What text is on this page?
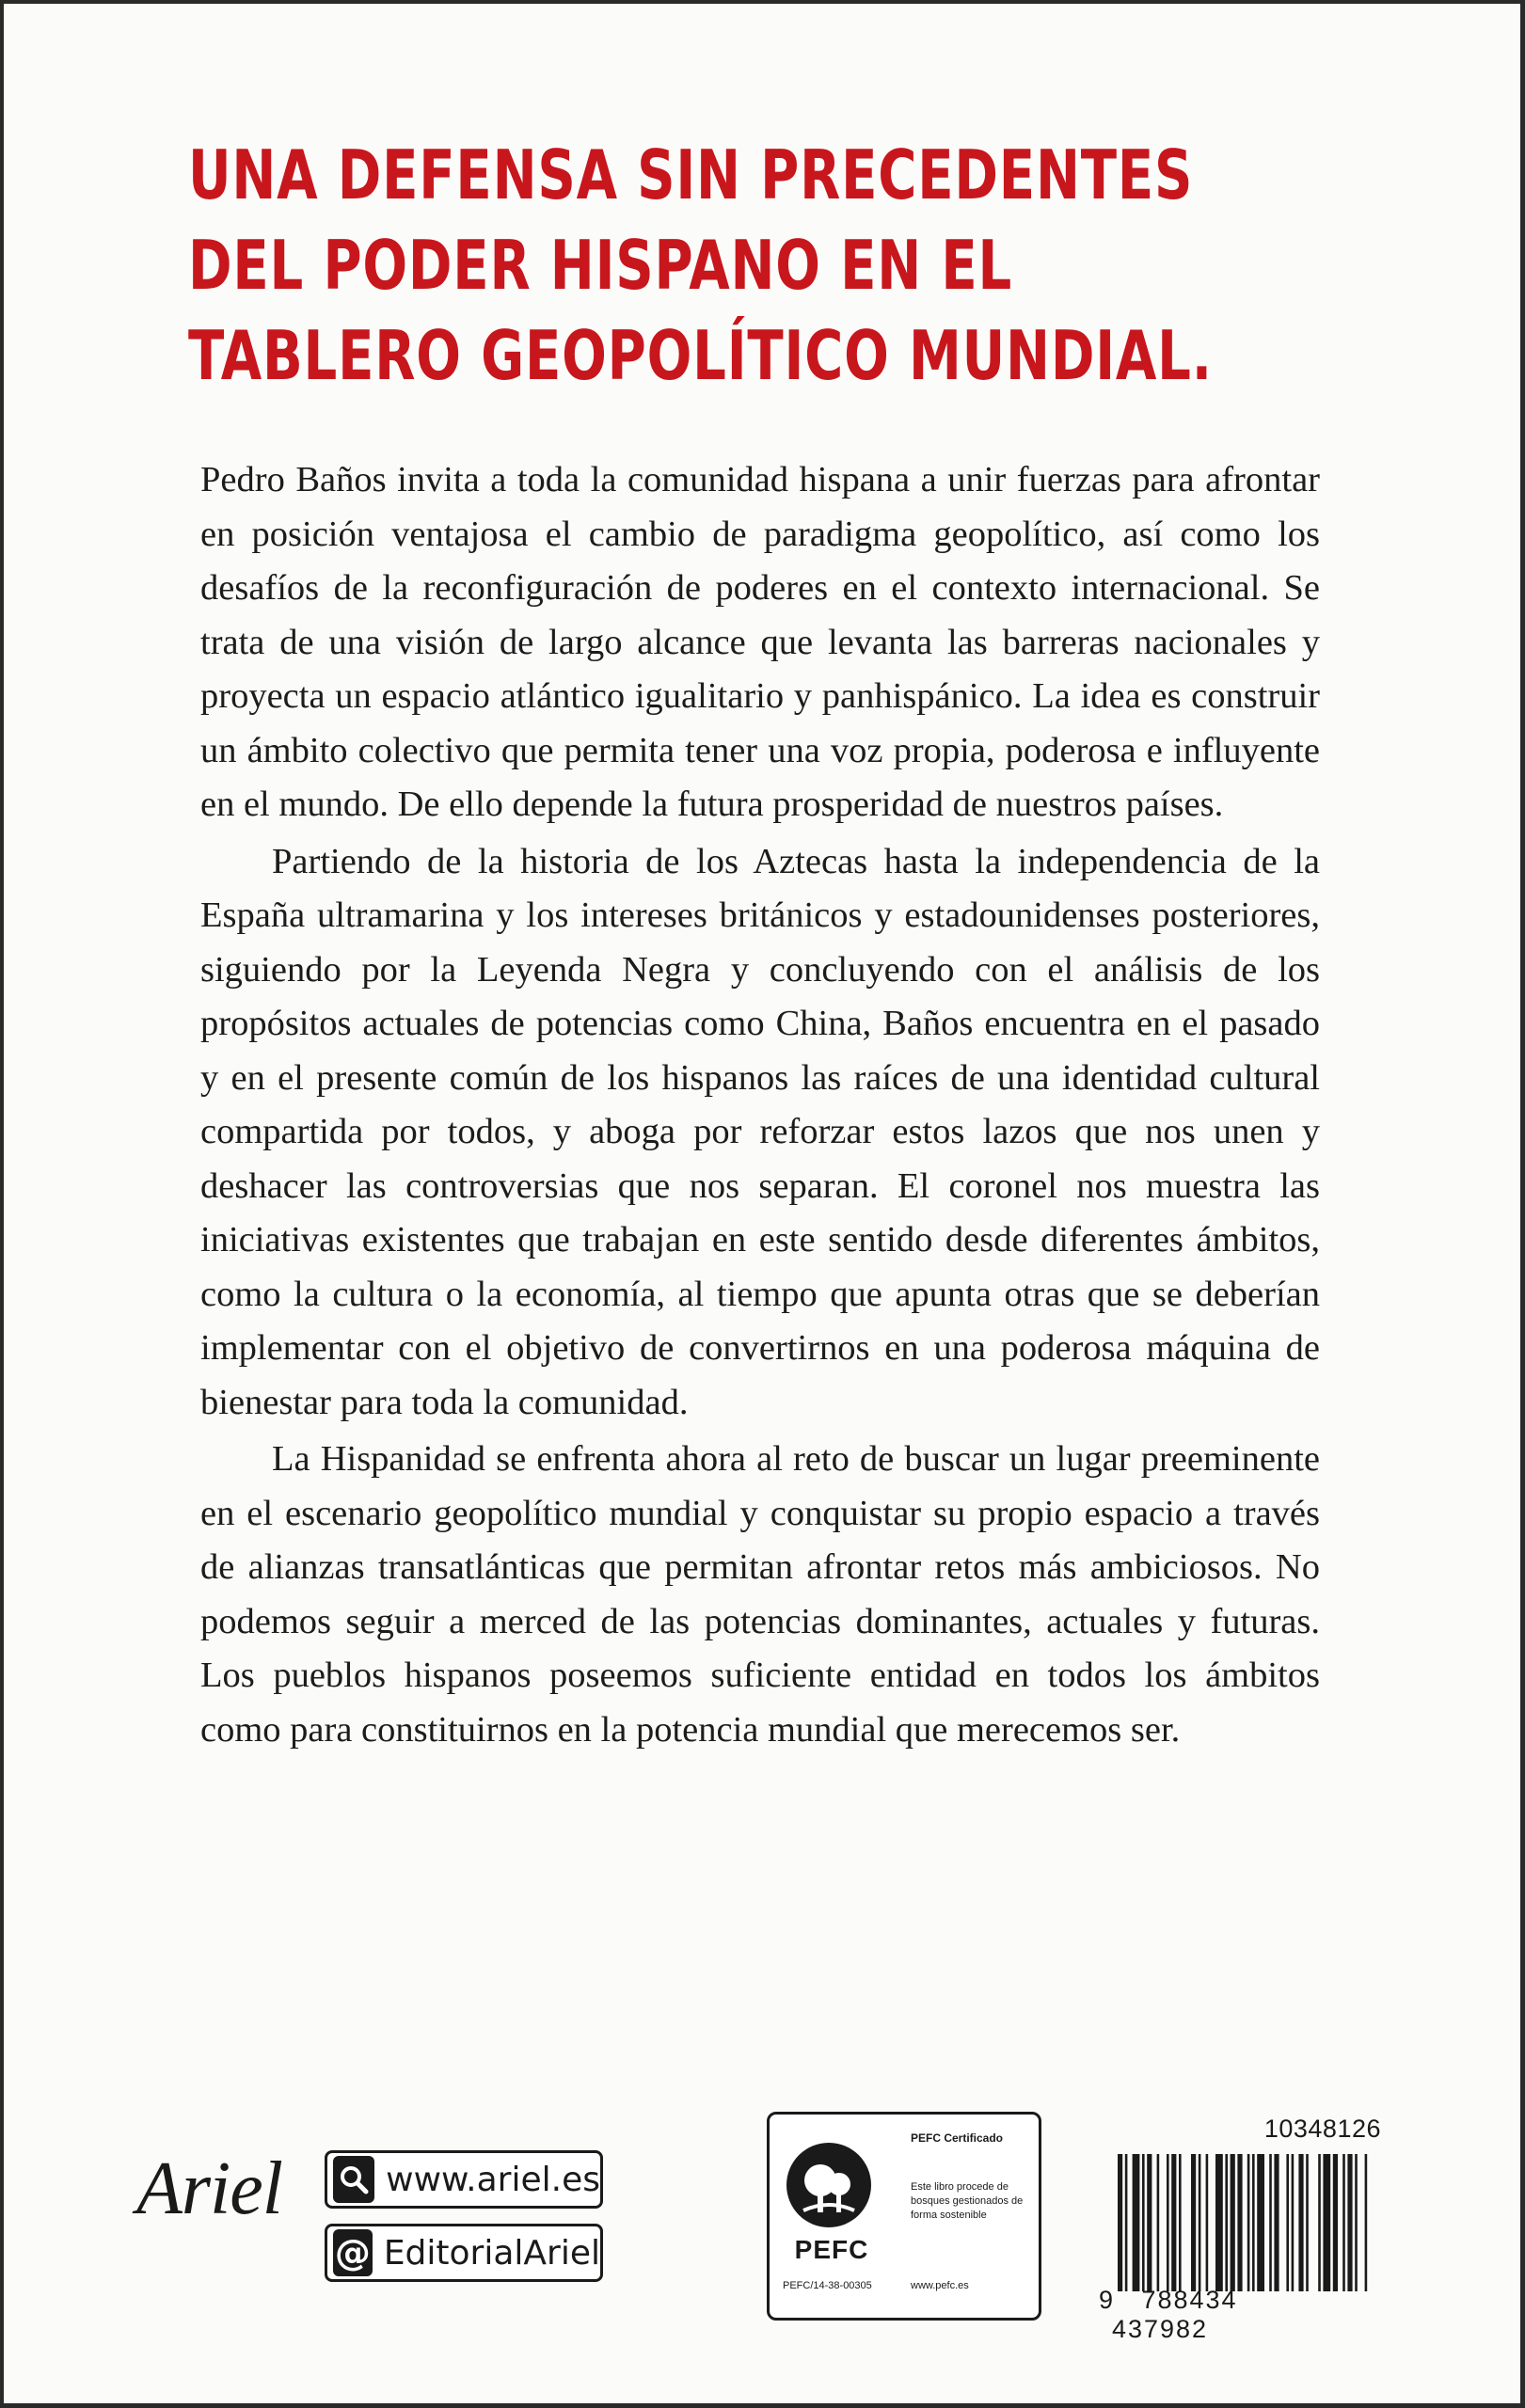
UNA DEFENSA SIN PRECEDENTES
DEL PODER HISPANO EN EL
TABLERO GEOPOLÍTICO MUNDIAL.

Pedro Baños invita a toda la comunidad hispana a unir fuerzas para afrontar en posición ventajosa el cambio de paradigma geopolítico, así como los desafíos de la reconfiguración de poderes en el contexto internacional. Se trata de una visión de largo alcance que levanta las barreras nacionales y proyecta un espacio atlántico igualitario y panhispánico. La idea es construir un ámbito colectivo que permita tener una voz propia, poderosa e influyente en el mundo. De ello depende la futura prosperidad de nuestros países.

Partiendo de la historia de los Aztecas hasta la independencia de la España ultramarina y los intereses británicos y estadounidenses posteriores, siguiendo por la Leyenda Negra y concluyendo con el análisis de los propósitos actuales de potencias como China, Baños encuentra en el pasado y en el presente común de los hispanos las raíces de una identidad cultural compartida por todos, y aboga por reforzar estos lazos que nos unen y deshacer las controversias que nos separan. El coronel nos muestra las iniciativas existentes que trabajan en este sentido desde diferentes ámbitos, como la cultura o la economía, al tiempo que apunta otras que se deberían implementar con el objetivo de convertirnos en una poderosa máquina de bienestar para toda la comunidad.

La Hispanidad se enfrenta ahora al reto de buscar un lugar preeminente en el escenario geopolítico mundial y conquistar su propio espacio a través de alianzas transatlánticas que permitan afrontar retos más ambiciosos. No podemos seguir a merced de las potencias dominantes, actuales y futuras. Los pueblos hispanos poseemos suficiente entidad en todos los ámbitos como para constituirnos en la potencia mundial que merecemos ser.

Ariel	www.ariel.es
@ EditorialAriel	PEFC
PEFC/14-38-00305
PEFC Certificado
Este libro procede de bosques gestionados de forma sostenible
www.pefc.es
10348126
9 788434 437982
